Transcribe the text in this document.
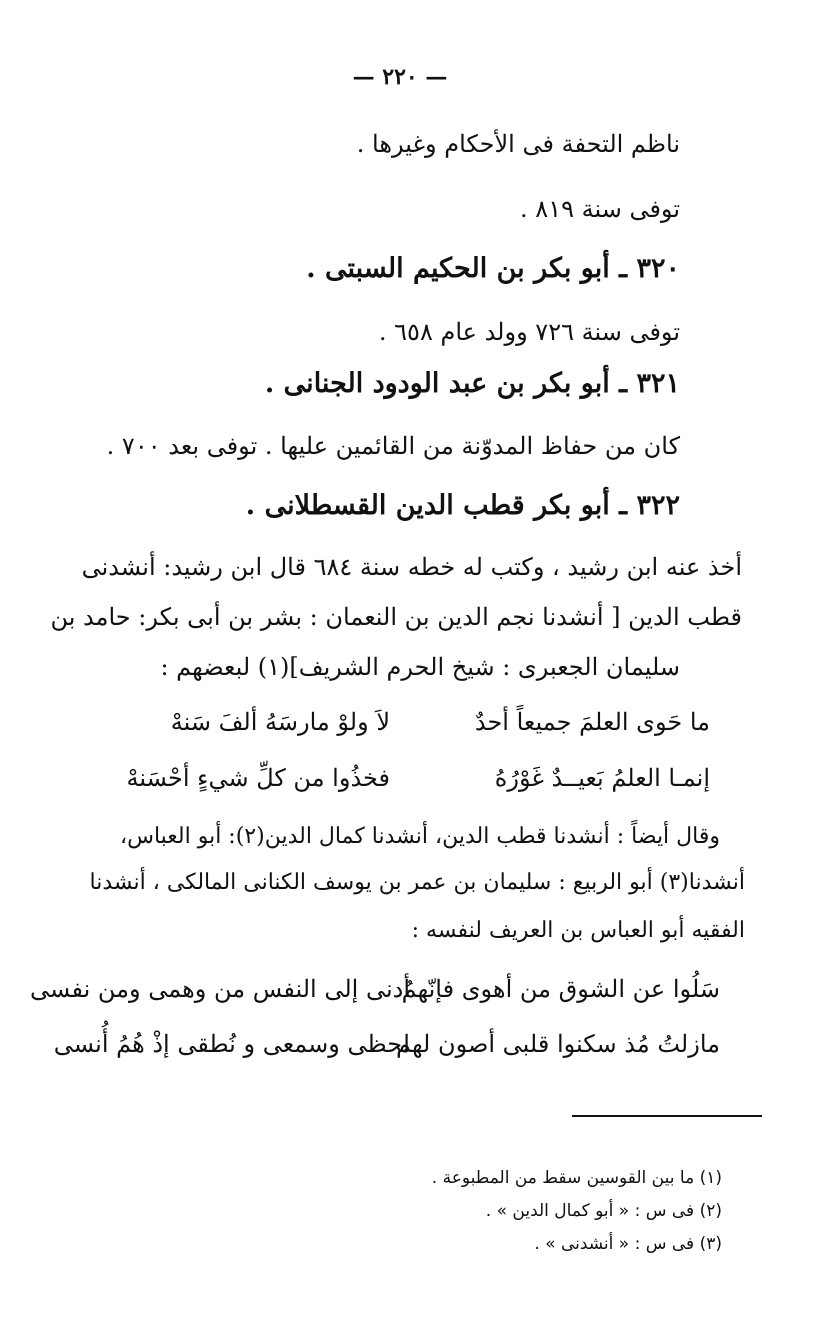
— ٢٢٠ —
ناظم التحفة فى الأحكام وغيرها .
توفى سنة ٨١٩ .
٣٢٠ ـ أبو بكر بن الحكيم السبتى .
توفى سنة ٧٢٦ وولد عام ٦٥٨ .
٣٢١ ـ أبو بكر بن عبد الودود الجنانى .
كان من حفاظ المدوّنة من القائمين عليها . توفى بعد ٧٠٠ .
٣٢٢ ـ أبو بكر قطب الدين القسطلانى .
أخذ عنه ابن رشيد ، وكتب له خطه سنة ٦٨٤ قال ابن رشيد: أنشدنى
قطب الدين [ أنشدنا نجم الدين بن النعمان : بشر بن أبى بكر: حامد بن
سليمان الجعبرى : شيخ الحرم الشريف](١) لبعضهم :
ما حَوى العلمَ جميعاً أحدٌ
لاَ ولوْ مارسَهُ ألفَ سَنهْ
إنمـا العلمُ بَعيــدٌ غَوْرُهُ
فخذُوا من كلِّ شيءٍ أحْسَنهْ
وقال أيضاً : أنشدنا قطب الدين، أنشدنا كمال الدين(٢): أبو العباس،
أنشدنا(٣) أبو الربيع : سليمان بن عمر بن يوسف الكنانى المالكى ، أنشدنا
الفقيه أبو العباس بن العريف لنفسه :
سَلُوا عن الشوق من أهوى فإنّهمُ
أدنى إلى النفس من وهمى ومن نفسى
مازلتُ مُذ سكنوا قلبى أصون لهم
لحظى وسمعى و نُطقى إذْ هُمُ أُنسى
(١) ما بين القوسين سقط من المطبوعة .
(٢) فى س : « أبو كمال الدين » .
(٣) فى س : « أنشدنى » .
